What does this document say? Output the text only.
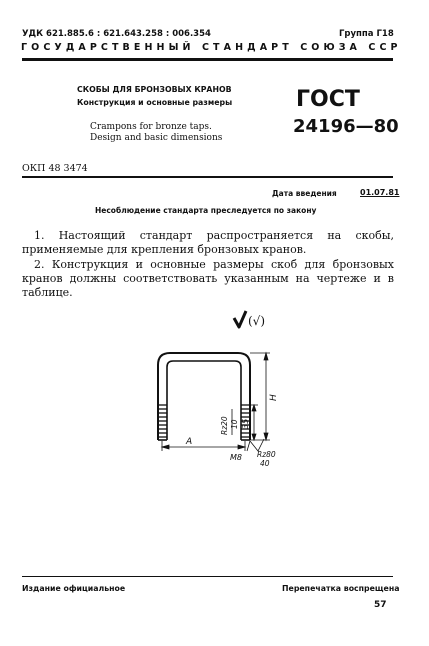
УДК 621.885.6 : 621.643.258 : 006.354	Группа Г18
ГОСУДАРСТВЕННЫЙ СТАНДАРТ СОЮЗА ССР
СКОБЫ ДЛЯ БРОНЗОВЫХ КРАНОВ
Конструкция и основные размеры
Crampons for bronze taps.
Design and basic dimensions
ГОСТ
24196—80
ОКП 48 3474
Дата введения	01.07.81
Несоблюдение стандарта преследуется по закону
1. Настоящий стандарт распространяется на скобы, применяемые для крепления бронзовых кранов.
2. Конструкция и основные размеры скоб для бронзовых кранов должны соответствовать указанным на чертеже и в таблице.
(√)
H
35
Rz20 10
A
M8 Rz80
40
Издание официальное	Перепечатка воспрещена
57
